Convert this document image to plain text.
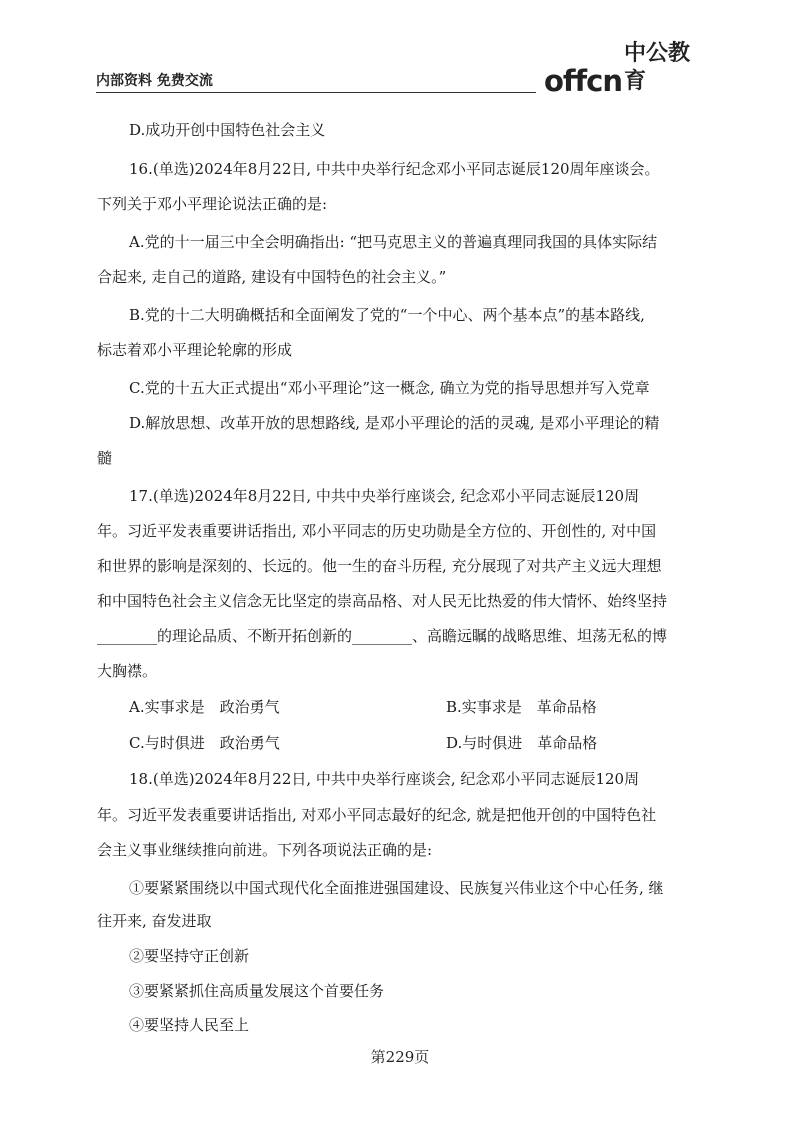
内部资料 免费交流	offcn
中公教育
D.成功开创中国特色社会主义
16.(单选)2024年8月22日, 中共中央举行纪念邓小平同志诞辰120周年座谈会。
下列关于邓小平理论说法正确的是:
A.党的十一届三中全会明确指出: “把马克思主义的普遍真理同我国的具体实际结
合起来, 走自己的道路, 建设有中国特色的社会主义。”
B.党的十二大明确概括和全面阐发了党的“一个中心、两个基本点”的基本路线,
标志着邓小平理论轮廓的形成
C.党的十五大正式提出“邓小平理论”这一概念, 确立为党的指导思想并写入党章
D.解放思想、改革开放的思想路线, 是邓小平理论的活的灵魂, 是邓小平理论的精
髓
17.(单选)2024年8月22日, 中共中央举行座谈会, 纪念邓小平同志诞辰120周
年。习近平发表重要讲话指出, 邓小平同志的历史功勋是全方位的、开创性的, 对中国
和世界的影响是深刻的、长远的。他一生的奋斗历程, 充分展现了对共产主义远大理想
和中国特色社会主义信念无比坚定的崇高品格、对人民无比热爱的伟大情怀、始终坚持
________的理论品质、不断开拓创新的________、高瞻远瞩的战略思维、坦荡无私的博
大胸襟。
A.实事求是　政治勇气	B.实事求是　革命品格
C.与时俱进　政治勇气	D.与时俱进　革命品格
18.(单选)2024年8月22日, 中共中央举行座谈会, 纪念邓小平同志诞辰120周
年。习近平发表重要讲话指出, 对邓小平同志最好的纪念, 就是把他开创的中国特色社
会主义事业继续推向前进。下列各项说法正确的是:
①要紧紧围绕以中国式现代化全面推进强国建设、民族复兴伟业这个中心任务, 继
往开来, 奋发进取
②要坚持守正创新
③要紧紧抓住高质量发展这个首要任务
④要坚持人民至上
第229页
